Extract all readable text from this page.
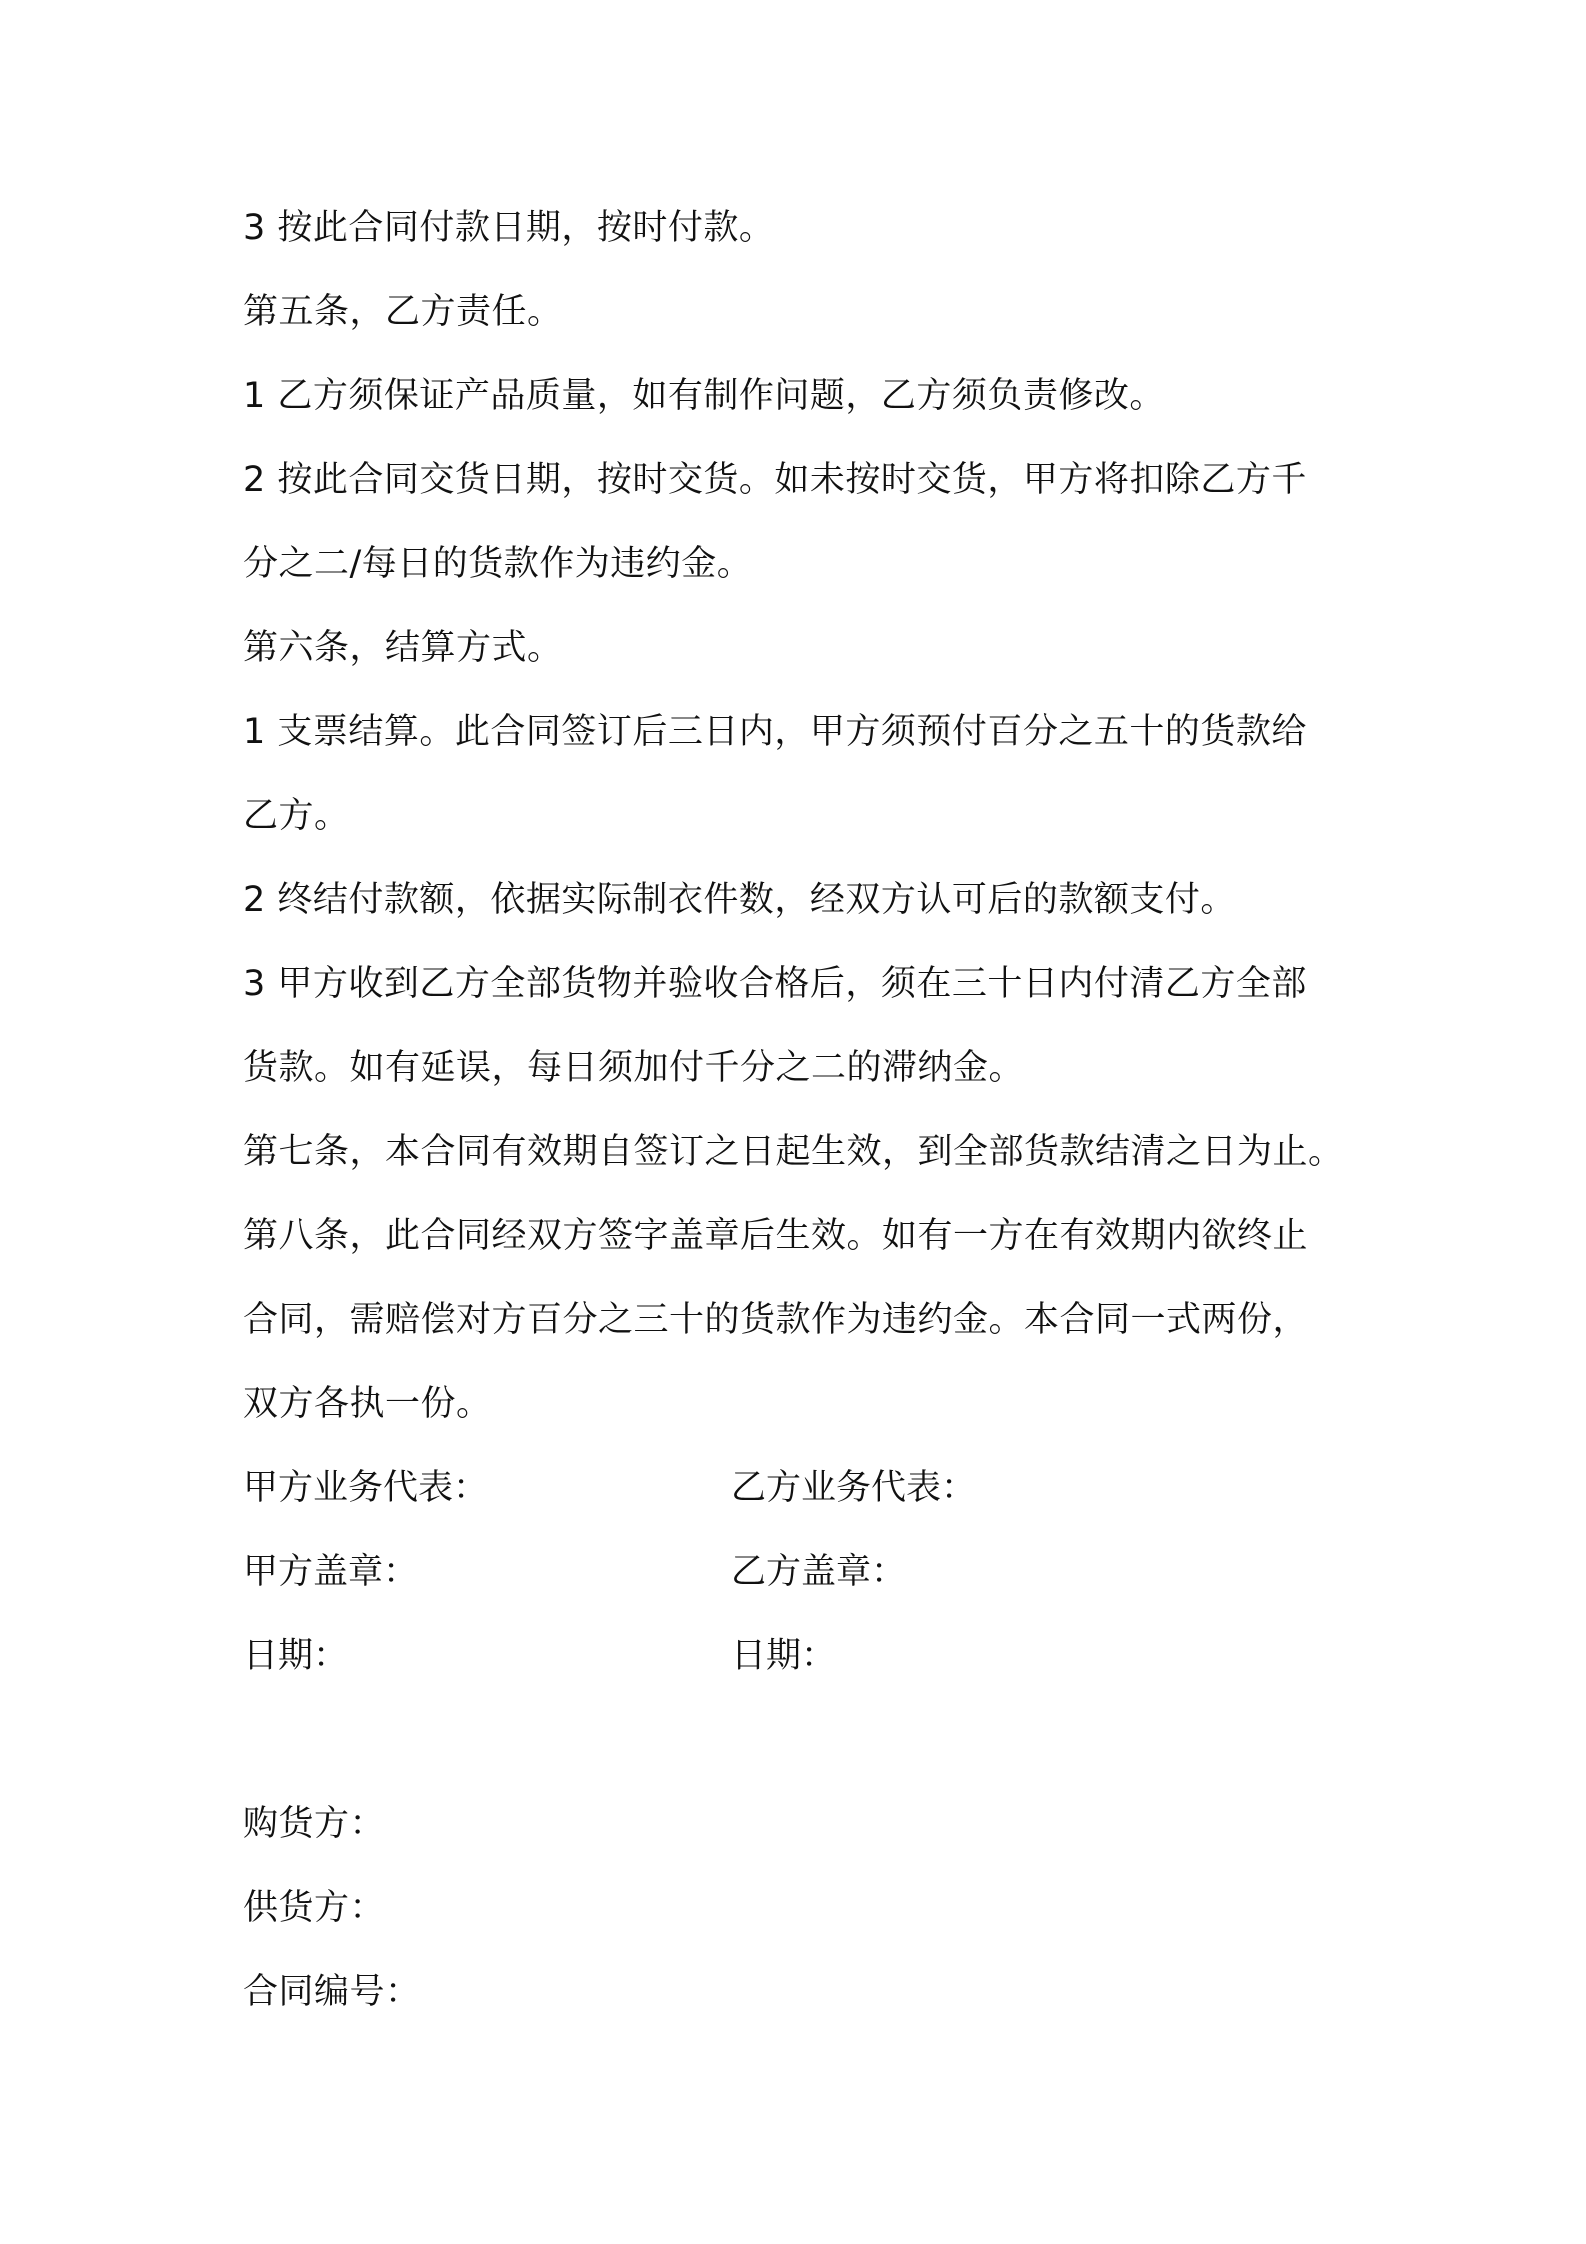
3 按此合同付款日期，按时付款。
第五条，乙方责任。
1 乙方须保证产品质量，如有制作问题，乙方须负责修改。
2 按此合同交货日期，按时交货。如未按时交货，甲方将扣除乙方千
分之二/每日的货款作为违约金。
第六条，结算方式。
1 支票结算。此合同签订后三日内，甲方须预付百分之五十的货款给
乙方。
2 终结付款额，依据实际制衣件数，经双方认可后的款额支付。
3 甲方收到乙方全部货物并验收合格后，须在三十日内付清乙方全部
货款。如有延误，每日须加付千分之二的滞纳金。
第七条，本合同有效期自签订之日起生效，到全部货款结清之日为止。
第八条，此合同经双方签字盖章后生效。如有一方在有效期内欲终止
合同，需赔偿对方百分之三十的货款作为违约金。本合同一式两份，
双方各执一份。
甲方业务代表：	乙方业务代表：
甲方盖章：	乙方盖章：
日期：	日期：
购货方：
供货方：
合同编号：
